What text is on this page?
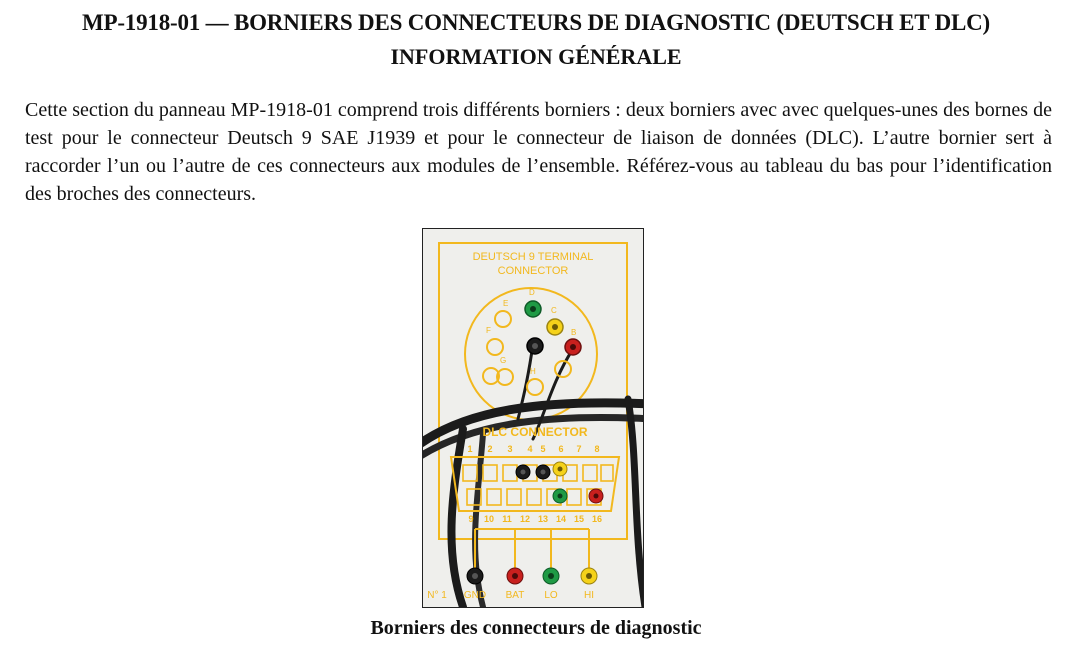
MP-1918-01 — BORNIERS DES CONNECTEURS DE DIAGNOSTIC (DEUTSCH ET DLC)
INFORMATION GÉNÉRALE

Cette section du panneau MP-1918-01 comprend trois différents borniers : deux borniers avec avec quelques-unes des bornes de test pour le connecteur Deutsch 9 SAE J1939 et pour le connecteur de liaison de données (DLC). L’autre bornier sert à raccorder l’un ou l’autre de ces connecteurs aux modules de l’ensemble. Référez-vous au tableau du bas pour l’identification des broches des connecteurs.

DEUTSCH 9 TERMINAL
CONNECTOR
D
C
B
E
F
G
H
DLC CONNECTOR
1 2 3 4 5 6 7 8
9 10 11 12 13 14 15 16
N° 1 GND BAT LO	HI
Borniers des connecteurs de diagnostic
